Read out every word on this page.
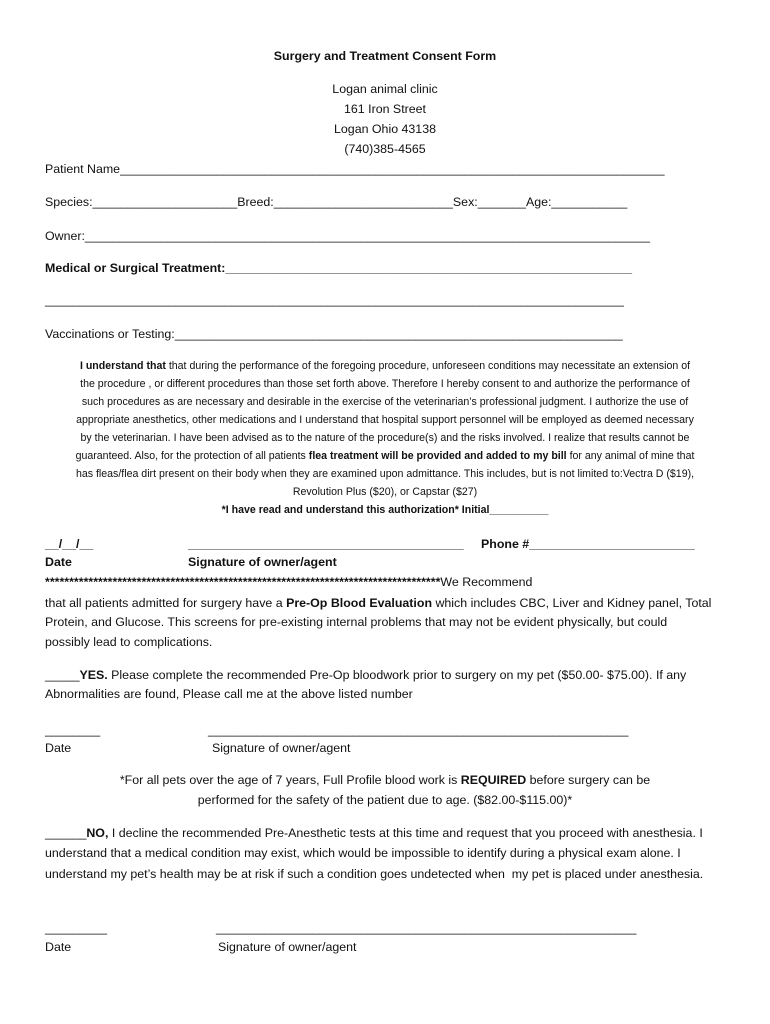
Surgery and Treatment Consent Form
Logan animal clinic
161 Iron Street
Logan Ohio 43138
(740)385-4565
Patient Name_______________________________________________________________________________
Species:_____________________Breed:__________________________Sex:_______Age:___________
Owner:__________________________________________________________________________________
Medical or Surgical Treatment:___________________________________________________________
____________________________________________________________________________________
Vaccinations or Testing:_________________________________________________________________
I understand that that during the performance of the foregoing procedure, unforeseen conditions may necessitate an extension of
the procedure , or different procedures than those set forth above. Therefore I hereby consent to and authorize the performance of
such procedures as are necessary and desirable in the exercise of the veterinarian’s professional judgment. I authorize the use of
appropriate anesthetics, other medications and I understand that hospital support personnel will be employed as deemed necessary
by the veterinarian. I have been advised as to the nature of the procedure(s) and the risks involved. I realize that results cannot be
guaranteed. Also, for the protection of all patients flea treatment will be provided and added to my bill for any animal of mine that
has fleas/flea dirt present on their body when they are examined upon admittance. This includes, but is not limited to:Vectra D ($19),
Revolution Plus ($20), or Capstar ($27)
*I have read and understand this authorization* Initial__________
__/__/__	________________________________________ Phone #________________________
Date	Signature of owner/agent
**********************************************************************************We Recommend
that all patients admitted for surgery have a Pre-Op Blood Evaluation which includes CBC, Liver and Kidney panel, Total
Protein, and Glucose. This screens for pre-existing internal problems that may not be evident physically, but could
possibly lead to complications.
_____YES. Please complete the recommended Pre-Op bloodwork prior to surgery on my pet ($50.00- $75.00). If any
Abnormalities are found, Please call me at the above listed number
________	_____________________________________________________________
Date	Signature of owner/agent
*For all pets over the age of 7 years, Full Profile blood work is REQUIRED before surgery can be
performed for the safety of the patient due to age. ($82.00-$115.00)*
______NO, I decline the recommended Pre-Anesthetic tests at this time and request that you proceed with anesthesia. I
understand that a medical condition may exist, which would be impossible to identify during a physical exam alone. I
understand my pet’s health may be at risk if such a condition goes undetected when  my pet is placed under anesthesia.
_________	_____________________________________________________________
Date	Signature of owner/agent
